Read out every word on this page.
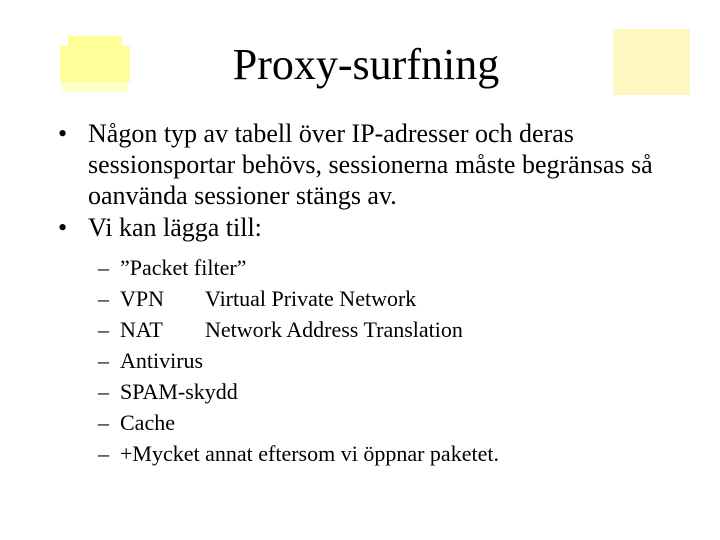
Proxy-surfning
• Någon typ av tabell över IP-adresser och deras sessionsportar behövs, sessionerna måste begränsas så oanvända sessioner stängs av.
• Vi kan lägga till:
– ”Packet filter”
– VPN Virtual Private Network
– NAT Network Address Translation
– Antivirus
– SPAM-skydd
– Cache
– +Mycket annat eftersom vi öppnar paketet.
